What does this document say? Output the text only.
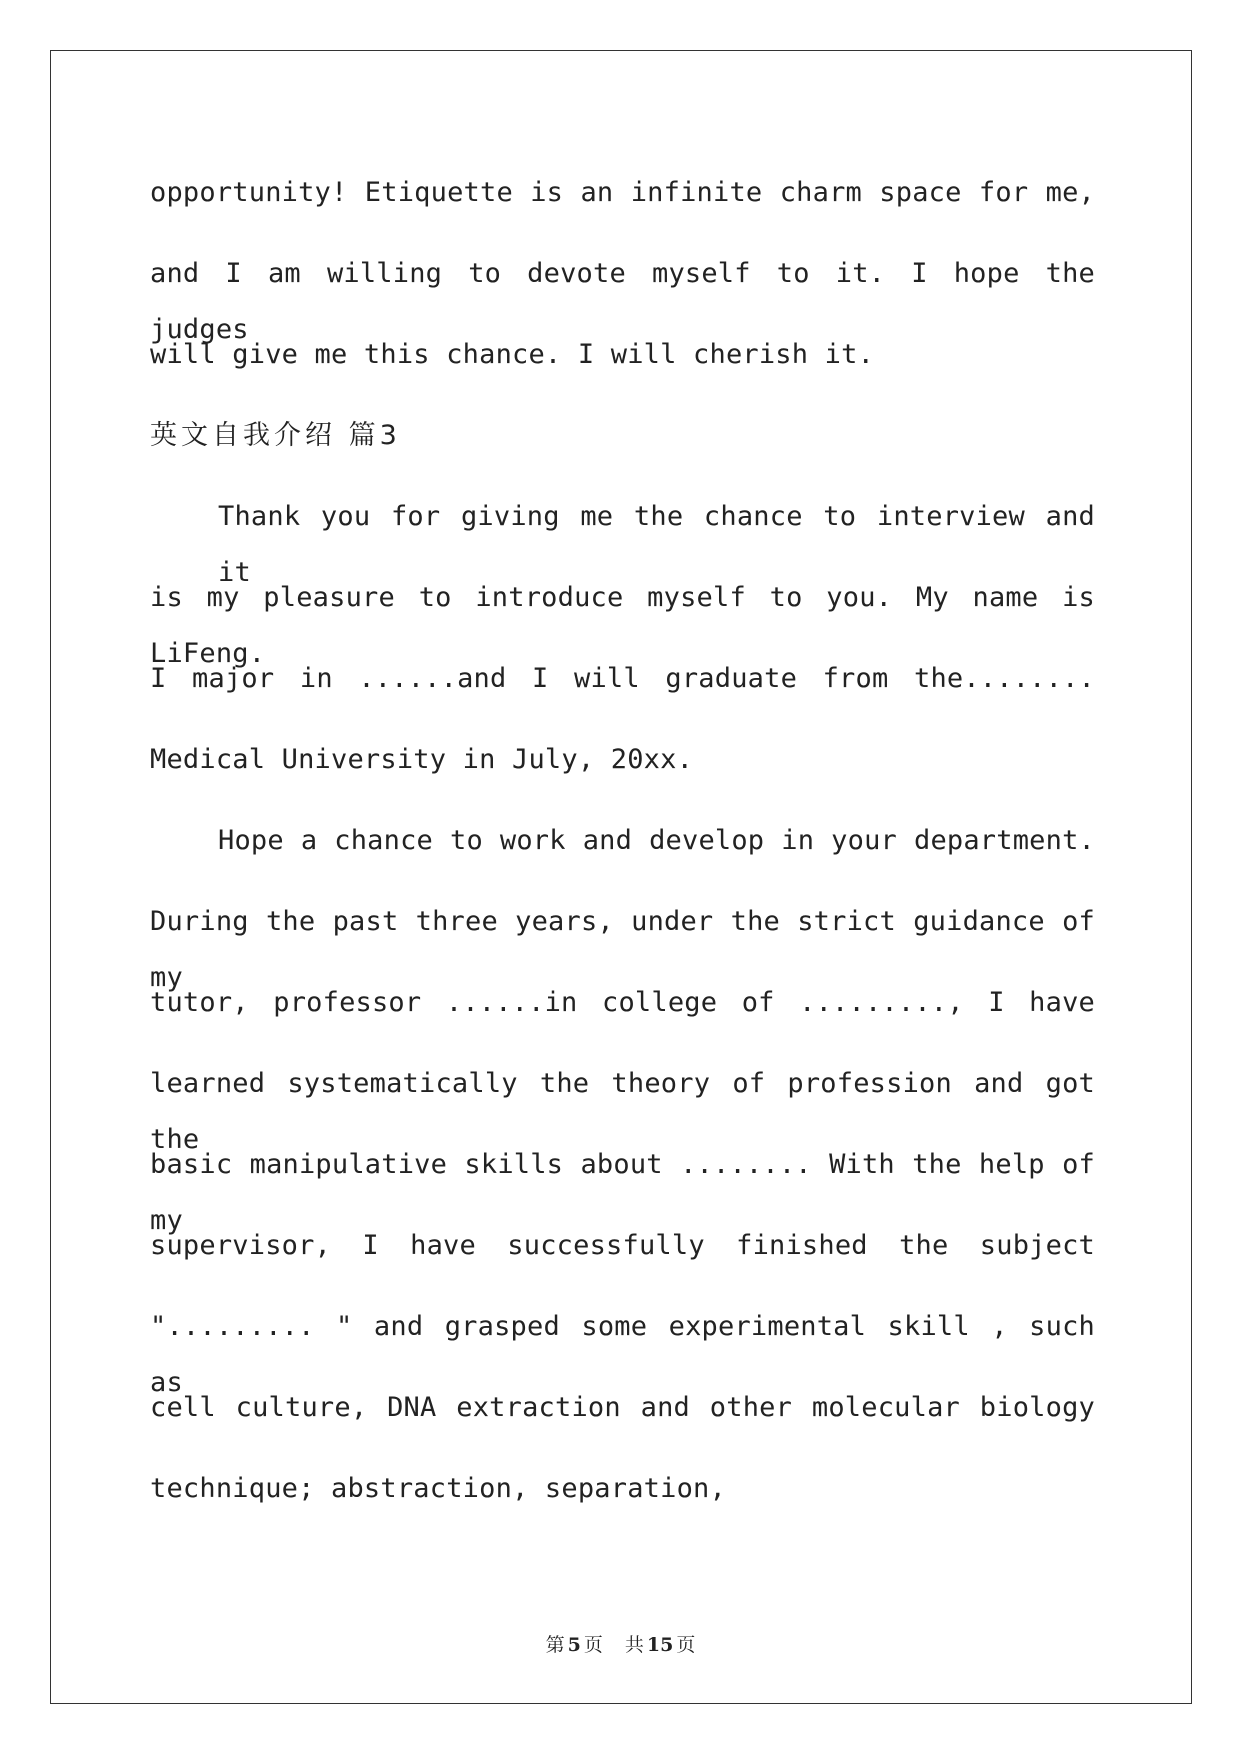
opportunity! Etiquette is an infinite charm space for me,
and I am willing to devote myself to it. I hope the judges
will give me this chance. I will cherish it.
英文自我介绍 篇3
Thank you for giving me the chance to interview and it
is my pleasure to introduce myself to you. My name is LiFeng.
I major in ......and I will graduate from the........
Medical University in July, 20xx.
Hope a chance to work and develop in your department.
During the past three years, under the strict guidance of my
tutor, professor ......in college of ........., I have
learned systematically the theory of profession and got the
basic manipulative skills about ........ With the help of my
supervisor, I have successfully finished the subject
"......... " and grasped some experimental skill , such as
cell culture, DNA extraction and other molecular biology
technique; abstraction, separation,
第 5 页 共 15 页
